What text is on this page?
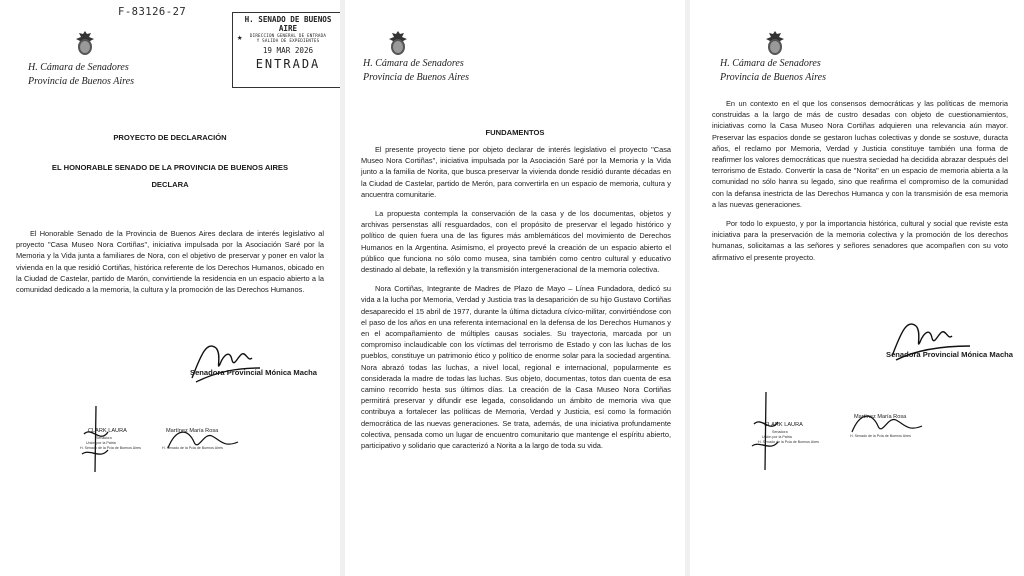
F-83126-27
H. SENADO DE BUENOS AIRE
DIRECCION GENERAL DE ENTRADA
Y SALIDA DE EXPEDIENTES
★
19 MAR 2026
ENTRADA
H. Cámara de Senadores
Provincia de Buenos Aires
PROYECTO DE DECLARACIÓN
EL HONORABLE SENADO DE LA PROVINCIA DE BUENOS AIRES
DECLARA

El Honorable Senado de la Provincia de Buenos Aires declara de interés legislativo al proyecto "Casa Museo Nora Cortiñas", iniciativa impulsada por la Asociación Saré por la Memoria y la Vida junta a familiares de Nora, con el objetivo de preservar y poner en valor la vivienda en la que residió Cortiñas, histórica referente de los Derechos Humanos, obicado en la Ciudad de Castelar, partido de Marón, convirtiende la residencia en un espacio abierto a la comunidad dedicado a la memoria, la cultura y la promoción de las Derechos Humanos.

Senadora Provincial Mónica Macha
CLARK LAURA
Senadora
Unión por la Patria
H. Senado de la Pcia de Buenos Aires
Martínez María Rosa
H. Senado de la Pcia de Buenos Aires
H. Cámara de Senadores
Provincia de Buenos Aires
FUNDAMENTOS

El presente proyecto tiene por objeto declarar de interés legislativo el proyecto "Casa Museo Nora Cortiñas", iniciativa impulsada por la Asociación Saré por la Memoria y la Vida junto a la familia de Norita, que busca preservar la vivienda donde residió durante décadas en la Ciudad de Castelar, partido de Merón, para convertirla en un espacio de memoria, cultura y ancuentra comunitarie.

La propuesta contempla la conservación de la casa y de los documentas, objetos y archivas persenstas allí resguardados, con el propósito de preservar el legado histórico y político de quien fuera una de las figures más amblemáticos del movimiento de Derechos Humanos en la Argentina. Asimismo, el proyecto prevé la creación de un espacio abierto el público que funciona no sólo como musea, sina también como centro cultural y educativo destinado al debate, la reflexión y la transmisión intergeneracional de la memoria colectiva.

Nora Cortiñas, Integrante de Madres de Plazo de Mayo – Línea Fundadora, dedicó su vida a la lucha por Memoria, Verdad y Justicia tras la desaparición de su hijo Gustavo Cortiñas desaparecido el 15 abril de 1977, durante la última dictadura cívico-militar, convirtiéndose con el paso de los años en una referenta internacional en la defensa de los Derechos Humanos y en el acompañamiento de múltiples causas sociales. Su trayectoria, marcada por un compromiso inclaudicable con los víctimas del terrorismo de Estado y con las luchas de los pueblos, constituye un patrimonio ético y político de enorme solar para la sociedad argentina. Nora abrazó todas las luchas, a nivel local, regional e internacional, popularmente es considerada la madre de todas las luchas. Sus objeto, documentas, totos dan cuenta de esa camino recorrido hesta sus últimos días. La creación de la Casa Museo Nora Cortiñas permitirá preservar y difundir ese legada, consolidando un ámbito de memoria viva que contribuya a fortalecer las políticas de Memoria, Verdad y Justicia, esí como la formación democrática de las nuevas generaciones. Se trata, además, de una iniciativa profundamente colectiva, pensada como un lugar de encuentro comunitario que mantenge el espíritu abierto, participativo y solidario que caracterizó a Norita a la largo de toda su vida.

H. Cámara de Senadores
Provincia de Buenos Aires

En un contexto en el que los consensos democráticas y las políticas de memoria construidas a la largo de más de custro desadas con objeto de cuestionamientos, iniciativas como la Casa Museo Nora Cortiñas adquieren una relevancia aún mayor. Preservar las espacios donde se gestaron luchas colectivas y donde se sostuve, duracta años, el reclamo por Memoria, Verdad y Justicia constituye también una forma de reafirmer los valores democráticas que nuestra seciedad ha decidida abrazar después del terrorismo de Estado. Convertir la casa de "Norita" en un espacio de memoria abierta a la comunidad no sólo hanra su legado, sino que reafirma el compromiso de la comunidad con la defansa inestricta de las Derechos Humanca y con la transmisión de esa memoria a las nuevas generaciones.

Por todo lo expuesto, y por la importancia histórica, cultural y social que reviste esta iniciativa para la preservación de la memoria colectiva y la promoción de los derechos humanas, solicitamas a las señores y señores senadores que acompañen con su voto afirmativo el presente proyecto.

Senadora Provincial Mónica Macha
CLARK LAURA
Senadora
Unión por la Patria
H. Senado de la Pcia de Buenos Aires
Martínez María Rosa
H. Senado de la Pcia de Buenos Aires
